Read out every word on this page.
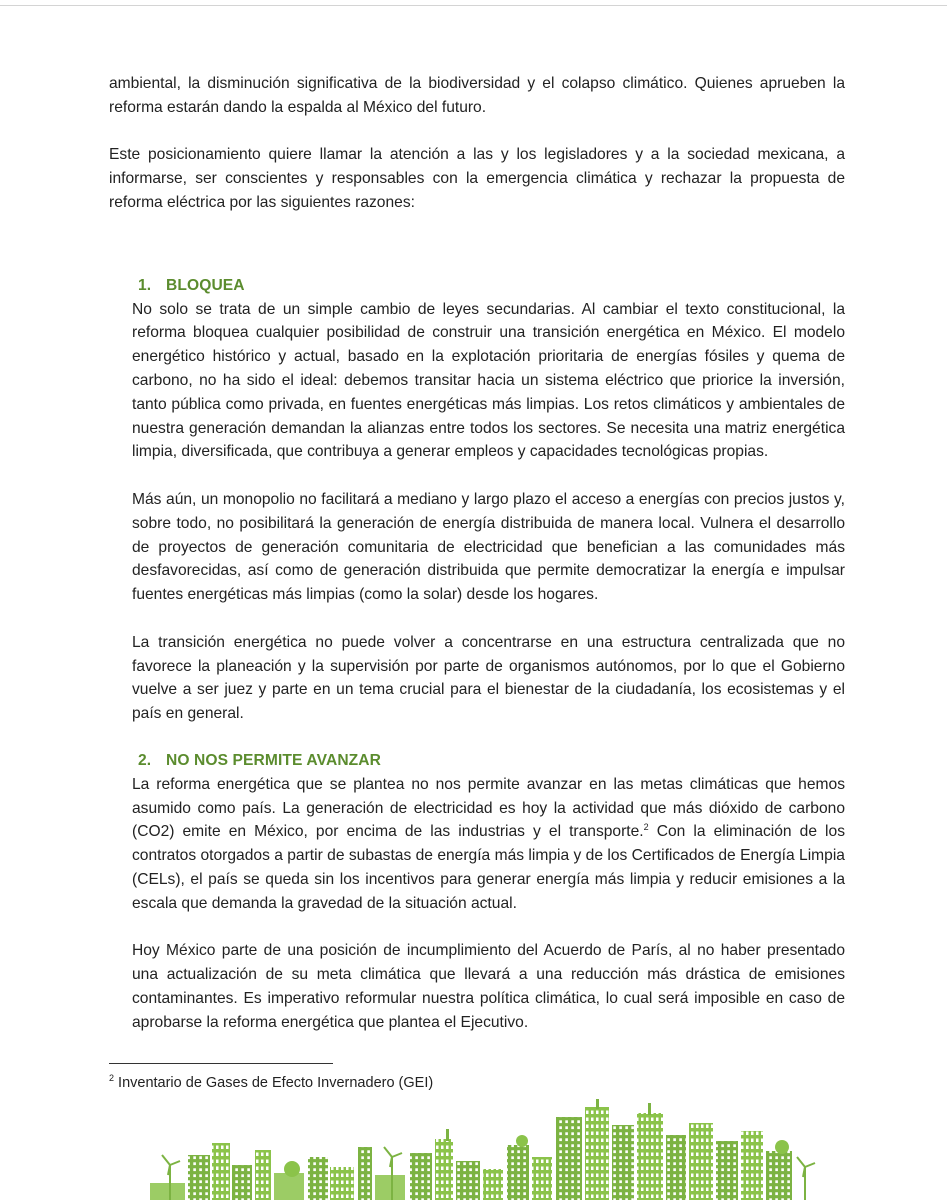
ambiental, la disminución significativa de la biodiversidad y el colapso climático. Quienes aprueben la reforma estarán dando la espalda al México del futuro.

Este posicionamiento quiere llamar la atención a las y los legisladores y a la sociedad mexicana, a informarse, ser conscientes y responsables con la emergencia climática y rechazar la propuesta de reforma eléctrica por las siguientes razones:

1. BLOQUEA

No solo se trata de un simple cambio de leyes secundarias. Al cambiar el texto constitucional, la reforma bloquea cualquier posibilidad de construir una transición energética en México. El modelo energético histórico y actual, basado en la explotación prioritaria de energías fósiles y quema de carbono, no ha sido el ideal: debemos transitar hacia un sistema eléctrico que priorice la inversión, tanto pública como privada, en fuentes energéticas más limpias. Los retos climáticos y ambientales de nuestra generación demandan la alianzas entre todos los sectores. Se necesita una matriz energética limpia, diversificada, que contribuya a generar empleos y capacidades tecnológicas propias.

Más aún, un monopolio no facilitará a mediano y largo plazo el acceso a energías con precios justos y, sobre todo, no posibilitará la generación de energía distribuida de manera local. Vulnera el desarrollo de proyectos de generación comunitaria de electricidad que benefician a las comunidades más desfavorecidas, así como de generación distribuida que permite democratizar la energía e impulsar fuentes energéticas más limpias (como la solar) desde los hogares.

La transición energética no puede volver a concentrarse en una estructura centralizada que no favorece la planeación y la supervisión por parte de organismos autónomos, por lo que el Gobierno vuelve a ser juez y parte en un tema crucial para el bienestar de la ciudadanía, los ecosistemas y el país en general.

2. NO NOS PERMITE AVANZAR

La reforma energética que se plantea no nos permite avanzar en las metas climáticas que hemos asumido como país. La generación de electricidad es hoy la actividad que más dióxido de carbono (CO2) emite en México, por encima de las industrias y el transporte.$^2$ Con la eliminación de los contratos otorgados a partir de subastas de energía más limpia y de los Certificados de Energía Limpia (CELs), el país se queda sin los incentivos para generar energía más limpia y reducir emisiones a la escala que demanda la gravedad de la situación actual.

Hoy México parte de una posición de incumplimiento del Acuerdo de París, al no haber presentado una actualización de su meta climática que llevará a una reducción más drástica de emisiones contaminantes. Es imperativo reformular nuestra política climática, lo cual será imposible en caso de aprobarse la reforma energética que plantea el Ejecutivo.

$^2$ Inventario de Gases de Efecto Invernadero (GEI)
